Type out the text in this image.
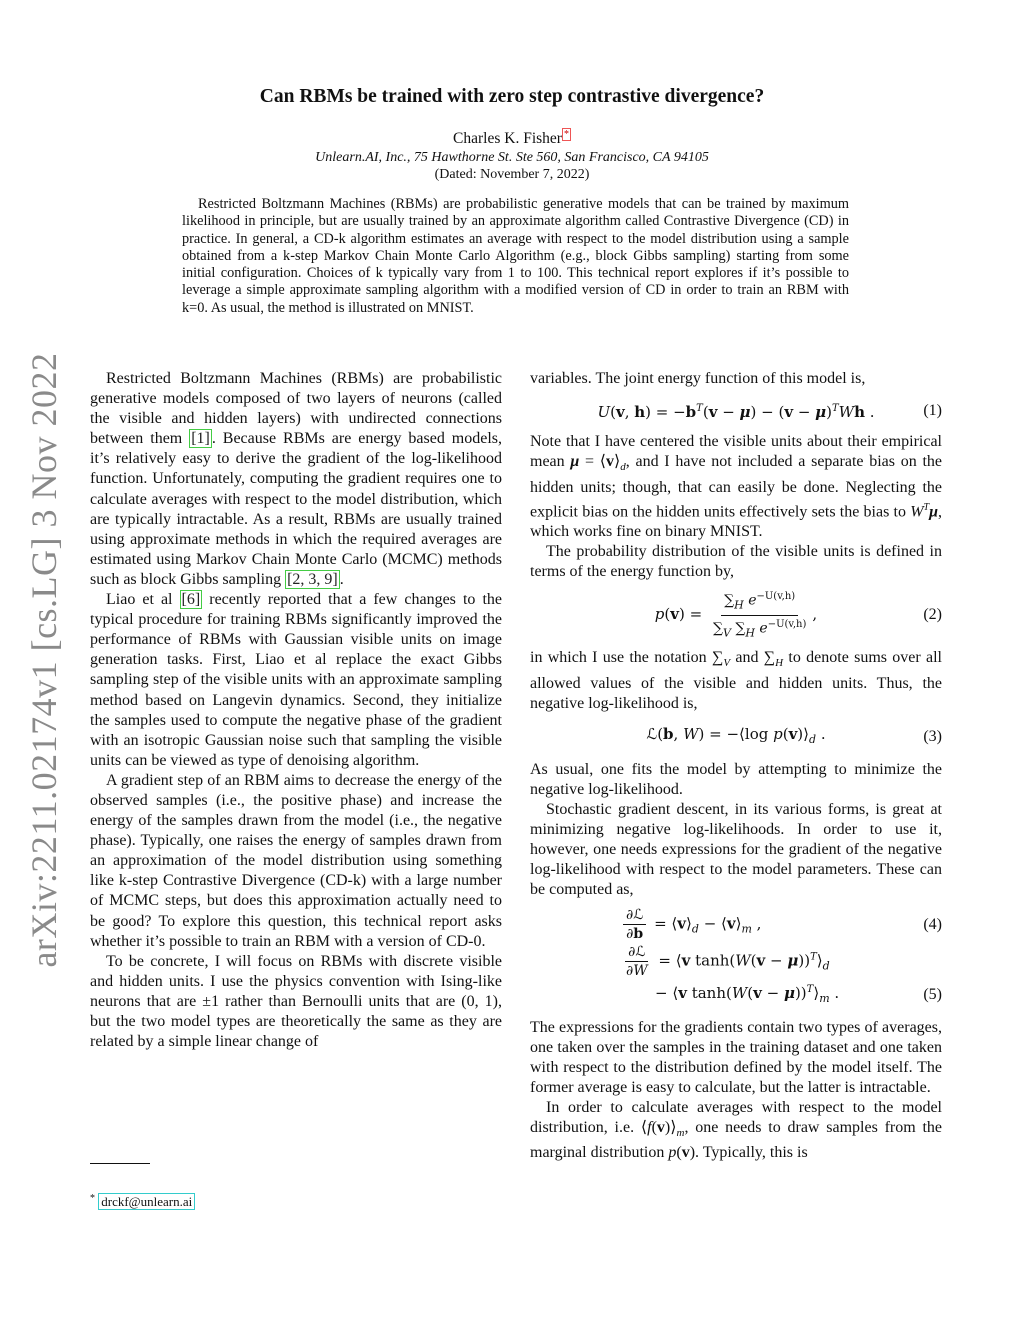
arXiv:2211.02174v1 [cs.LG] 3 Nov 2022
Can RBMs be trained with zero step contrastive divergence?
Charles K. Fisher *
Unlearn.AI, Inc., 75 Hawthorne St. Ste 560, San Francisco, CA 94105
(Dated: November 7, 2022)

Restricted Boltzmann Machines (RBMs) are probabilistic generative models that can be trained by maximum likelihood in principle, but are usually trained by an approximate algorithm called Contrastive Divergence (CD) in practice. In general, a CD-k algorithm estimates an average with respect to the model distribution using a sample obtained from a k-step Markov Chain Monte Carlo Algorithm (e.g., block Gibbs sampling) starting from some initial configuration. Choices of k typically vary from 1 to 100. This technical report explores if it’s possible to leverage a simple approximate sampling algorithm with a modified version of CD in order to train an RBM with k=0. As usual, the method is illustrated on MNIST.

Restricted Boltzmann Machines (RBMs) are probabilistic generative models composed of two layers of neurons (called the visible and hidden layers) with undirected connections between them [1] . Because RBMs are energy based models, it’s relatively easy to derive the gradient of the log-likelihood function. Unfortunately, computing the gradient requires one to calculate averages with respect to the model distribution, which are typically intractable. As a result, RBMs are usually trained using approximate methods in which the required averages are estimated using Markov Chain Monte Carlo (MCMC) methods such as block Gibbs sampling [2, 3, 9] .

Liao et al [6] recently reported that a few changes to the typical procedure for training RBMs significantly improved the performance of RBMs with Gaussian visible units on image generation tasks. First, Liao et al replace the exact Gibbs sampling step of the visible units with an approximate sampling method based on Langevin dynamics. Second, they initialize the samples used to compute the negative phase of the gradient with an isotropic Gaussian noise such that sampling the visible units can be viewed as type of denoising algorithm.

A gradient step of an RBM aims to decrease the energy of the observed samples (i.e., the positive phase) and increase the energy of the samples drawn from the model (i.e., the negative phase). Typically, one raises the energy of samples drawn from an approximation of the model distribution using something like k-step Contrastive Divergence (CD-k) with a large number of MCMC steps, but does this approximation actually need to be good? To explore this question, this technical report asks whether it’s possible to train an RBM with a version of CD-0.

To be concrete, I will focus on RBMs with discrete visible and hidden units. I use the physics convention with Ising-like neurons that are ±1 rather than Bernoulli units that are (0, 1), but the two model types are theoretically the same as they are related by a simple linear change of

variables. The joint energy function of this model is,

U(v, $h) = -b^T(v - \mu) - (v - \mu)^TWh$ .	(1)

Note that I have centered the visible units about their empirical mean $\mu = ⟨v⟩_d$, and I have not included a separate bias on the hidden units; though, that can easily be done. Neglecting the explicit bias on the hidden units effectively sets the bias to $W^T\mu$, which works fine on binary MNIST.

The probability distribution of the visible units is defined in terms of the energy function by,

$p(v) = \frac{\sum_H e^{-U(v,h)}}{\sum_V \sum_H e^{-U(v,h)}}$ ,	(2)

in which I use the notation $\sum_V$ and $\sum_H$ to denote sums over all allowed values of the visible and hidden units. Thus, the negative log-likelihood is,

ℒ(b, W) = −⟨log $p(v)⟩_d$ .	(3)

As usual, one fits the model by attempting to minimize the negative log-likelihood.

Stochastic gradient descent, in its various forms, is great at minimizing negative log-likelihoods. In order to use it, however, one needs expressions for the gradient of the negative log-likelihood with respect to the model parameters. These can be computed as,

$\frac{\text{∂ℒ}}{\partial b}$ = $⟨v⟩_d$ − $⟨v⟩_m$ ,	(4)
$\frac{\text{∂ℒ}}{\partial W}$ = ⟨v $\tanh(W(v - \mu))^T⟩_d$
− ⟨v $\tanh(W(v - \mu))^T⟩_m$ .	(5)

The expressions for the gradients contain two types of averages, one taken over the samples in the training dataset and one taken with respect to the distribution defined by the model itself. The former average is easy to calculate, but the latter is intractable.

In order to calculate averages with respect to the model distribution, i.e. $⟨f(v)⟩_m$, one needs to draw samples from the marginal distribution p(v). Typically, this is

* drckf@unlearn.ai
